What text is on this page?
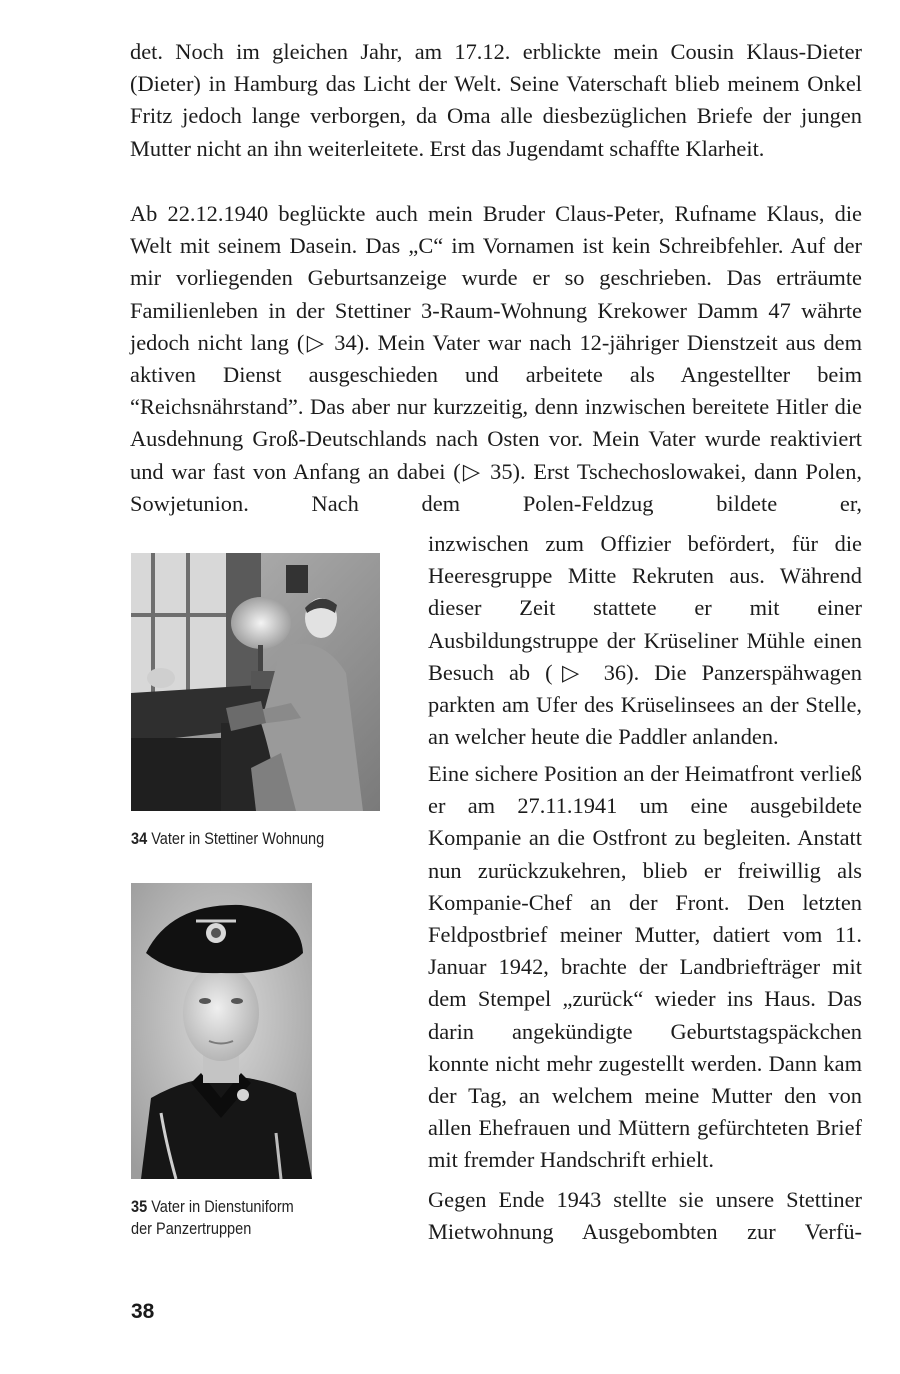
det. Noch im gleichen Jahr, am 17.12. erblickte mein Cousin Klaus-Dieter (Dieter) in Hamburg das Licht der Welt. Seine Vaterschaft blieb meinem Onkel Fritz jedoch lange verborgen, da Oma alle diesbezüglichen Briefe der jungen Mutter nicht an ihn weiterleitete. Erst das Jugendamt schaffte Klarheit.

Ab 22.12.1940 beglückte auch mein Bruder Claus-Peter, Rufname Klaus, die Welt mit seinem Dasein. Das „C“ im Vornamen ist kein Schreibfehler. Auf der mir vorliegenden Geburtsanzeige wurde er so geschrieben. Das erträumte Familienleben in der Stettiner 3-Raum-Wohnung Krekower Damm 47 währte jedoch nicht lang (▷ 34). Mein Vater war nach 12-jähriger Dienstzeit aus dem aktiven Dienst ausgeschieden und arbeitete als Angestellter beim “Reichsnährstand”. Das aber nur kurzzeitig, denn inzwischen bereitete Hitler die Ausdehnung Groß-Deutschlands nach Osten vor. Mein Vater wurde reaktiviert und war fast von Anfang an dabei (▷ 35). Erst Tschechoslowakei, dann Polen, Sowjetunion. Nach dem Polen-Feldzug bildete er,

inzwischen zum Offizier befördert, für die Heeresgruppe Mitte Rekruten aus. Während dieser Zeit stattete er mit einer Ausbildungstruppe der Krüseliner Mühle einen Besuch ab (▷ 36). Die Panzerspähwagen parkten am Ufer des Krüselinsees an der Stelle, an welcher heute die Paddler anlanden.

Eine sichere Position an der Heimatfront verließ er am 27.11.1941 um eine ausgebildete Kompanie an die Ostfront zu begleiten. Anstatt nun zurückzukehren, blieb er freiwillig als Kompanie-Chef an der Front. Den letzten Feldpostbrief meiner Mutter, datiert vom 11. Januar 1942, brachte der Landbriefträger mit dem Stempel „zurück“ wieder ins Haus. Das darin angekündigte Geburtstagspäckchen konnte nicht mehr zugestellt werden. Dann kam der Tag, an welchem meine Mutter den von allen Ehefrauen und Müttern gefürchteten Brief mit fremder Handschrift erhielt.

Gegen Ende 1943 stellte sie unsere Stettiner Mietwohnung Ausgebombten zur Verfü-

34 Vater in Stettiner Wohnung
35 Vater in Dienstuniform
der Panzertruppen
38
